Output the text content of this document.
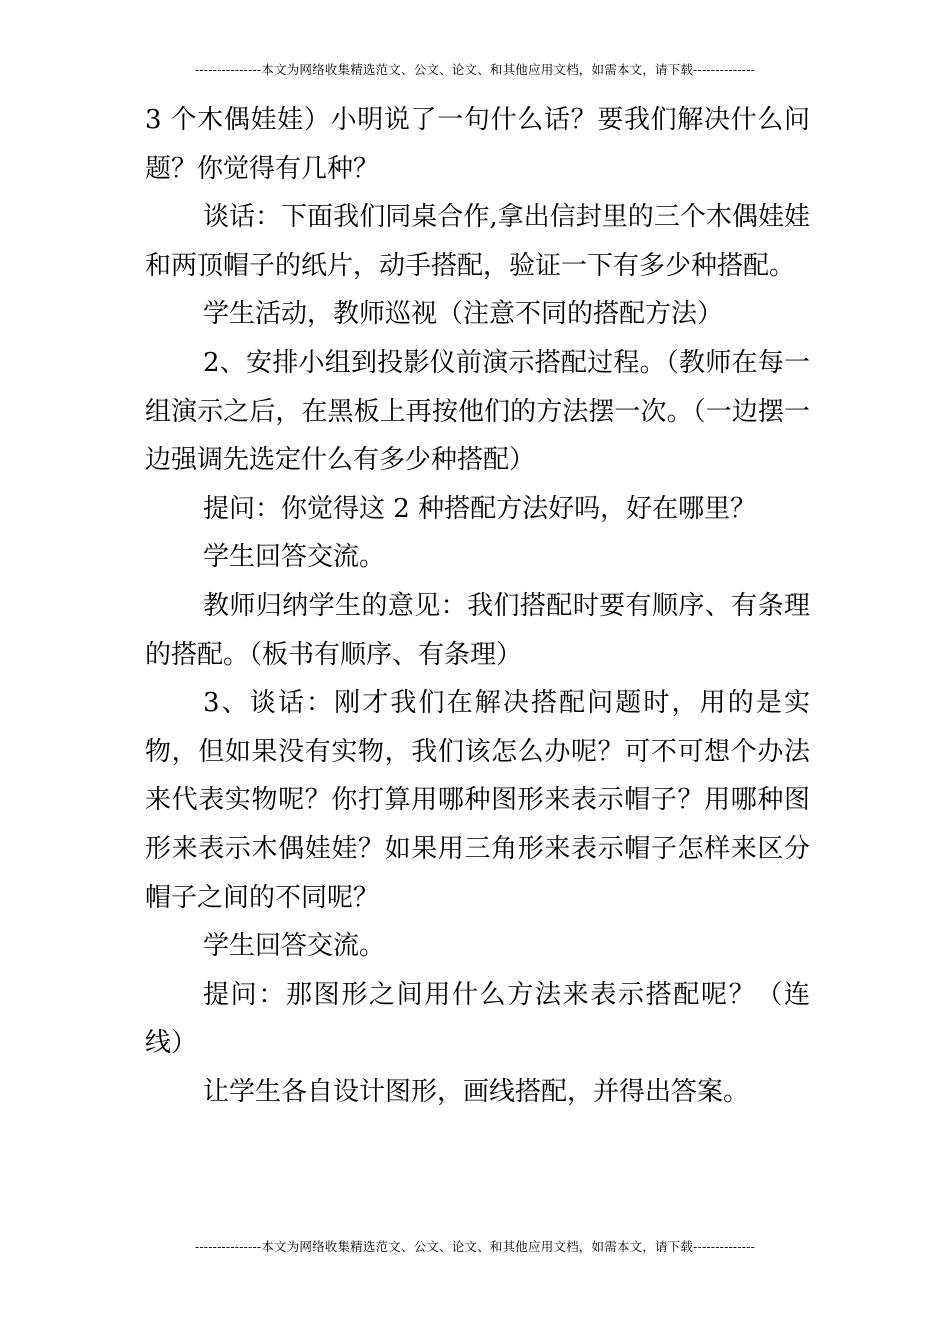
---------------本文为网络收集精选范文、公文、论文、和其他应用文档，如需本文，请下载--------------

3 个木偶娃娃）小明说了一句什么话？要我们解决什么问题？你觉得有几种？

谈话：下面我们同桌合作,拿出信封里的三个木偶娃娃和两顶帽子的纸片，动手搭配，验证一下有多少种搭配。

学生活动，教师巡视（注意不同的搭配方法）

2、安排小组到投影仪前演示搭配过程。（教师在每一组演示之后，在黑板上再按他们的方法摆一次。（一边摆一边强调先选定什么有多少种搭配）

提问：你觉得这 2 种搭配方法好吗，好在哪里？

学生回答交流。

教师归纳学生的意见：我们搭配时要有顺序、有条理的搭配。（板书有顺序、有条理）

3、谈话：刚才我们在解决搭配问题时，用的是实物，但如果没有实物，我们该怎么办呢？可不可想个办法来代表实物呢？你打算用哪种图形来表示帽子？用哪种图形来表示木偶娃娃？如果用三角形来表示帽子怎样来区分帽子之间的不同呢？

学生回答交流。

提问：那图形之间用什么方法来表示搭配呢？（连线）

让学生各自设计图形，画线搭配，并得出答案。

---------------本文为网络收集精选范文、公文、论文、和其他应用文档，如需本文，请下载--------------
